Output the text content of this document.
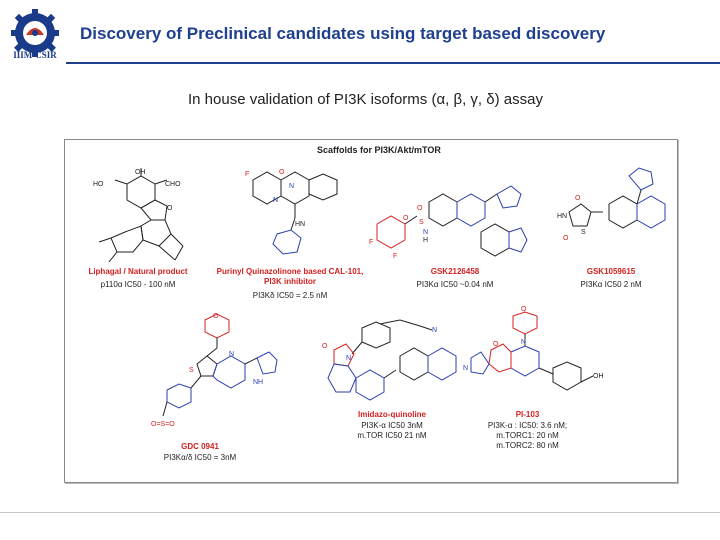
IIIM-CSIR
Discovery of Preclinical candidates using target based discovery
In house validation of PI3K isoforms (α, β, γ, δ) assay
Scaffolds for PI3K/Akt/mTOR
OH
HO	CHO
O
Liphagal / Natural product
p110α IC50 - 100 nM
F	O
N
N
HN
Purinyl Quinazolinone based CAL-101, PI3K inhibitor
PI3Kδ IC50 = 2.5 nM
O
S
O
N
H
F
F
GSK2126458
PI3Kα IC50 ~0.04 nM
O
HN
S
O
GSK1059615
PI3Kα IC50 2 nM
O
S
N
NH
O=S=O
GDC 0941
PI3Kα/δ IC50 = 3nM
N
O
N
Imidazo-quinoline
PI3K-α IC50 3nM
m.TOR IC50 21 nM
O
N
O
N
OH
PI-103
PI3K-α : IC50: 3.6 nM;
m.TORC1: 20 nM
m.TORC2: 80 nM
